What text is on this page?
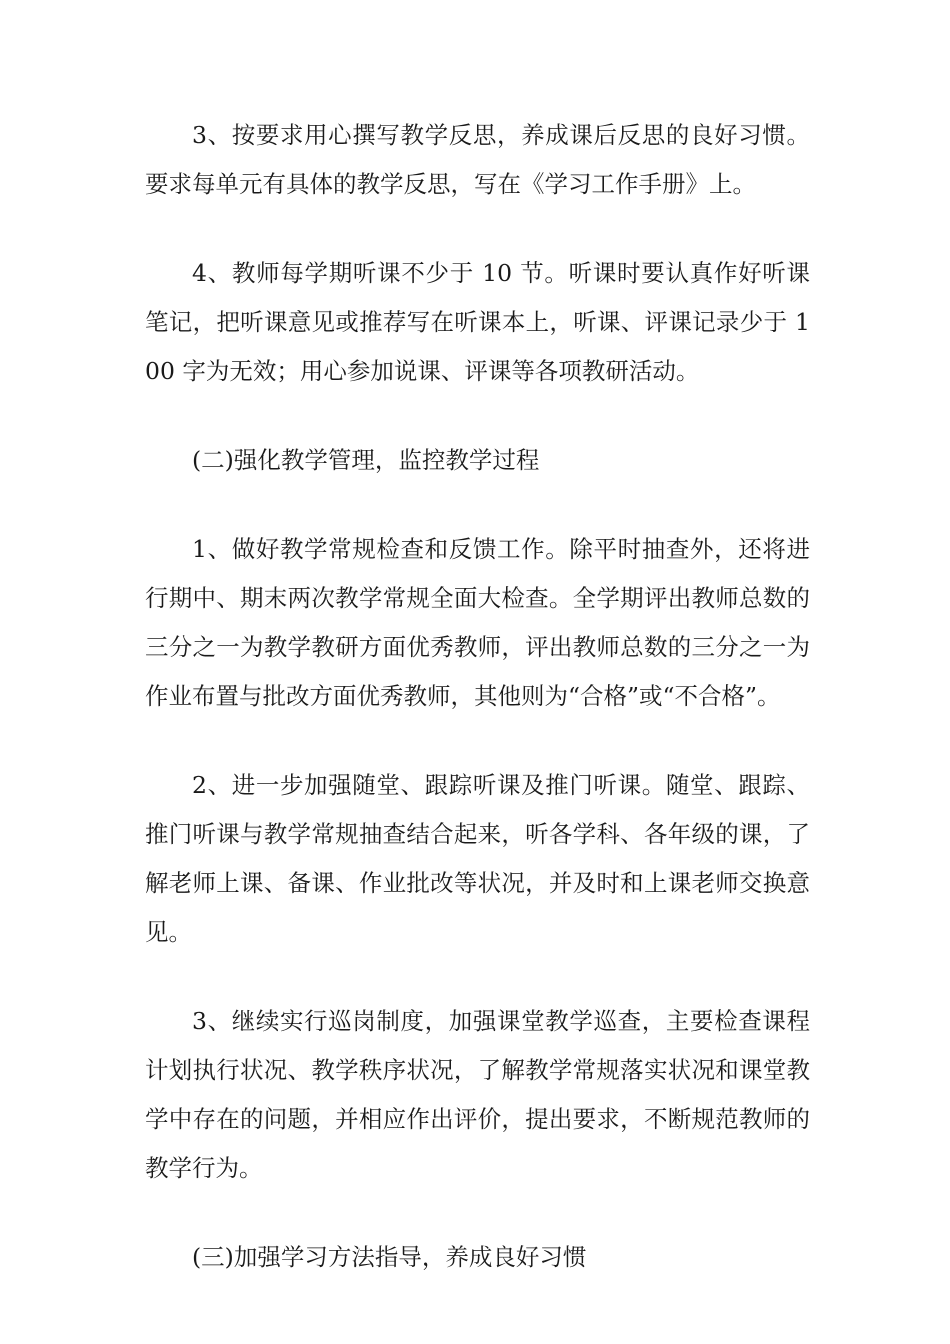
3、按要求用心撰写教学反思，养成课后反思的良好习惯。要求每单元有具体的教学反思，写在《学习工作手册》上。

4、教师每学期听课不少于 10 节。听课时要认真作好听课笔记，把听课意见或推荐写在听课本上，听课、评课记录少于 100 字为无效；用心参加说课、评课等各项教研活动。

(二)强化教学管理，监控教学过程

1、做好教学常规检查和反馈工作。除平时抽查外，还将进行期中、期末两次教学常规全面大检查。全学期评出教师总数的三分之一为教学教研方面优秀教师，评出教师总数的三分之一为作业布置与批改方面优秀教师，其他则为“合格”或“不合格”。

2、进一步加强随堂、跟踪听课及推门听课。随堂、跟踪、推门听课与教学常规抽查结合起来，听各学科、各年级的课，了解老师上课、备课、作业批改等状况，并及时和上课老师交换意见。

3、继续实行巡岗制度，加强课堂教学巡查，主要检查课程计划执行状况、教学秩序状况，了解教学常规落实状况和课堂教学中存在的问题，并相应作出评价，提出要求，不断规范教师的教学行为。

(三)加强学习方法指导，养成良好习惯
